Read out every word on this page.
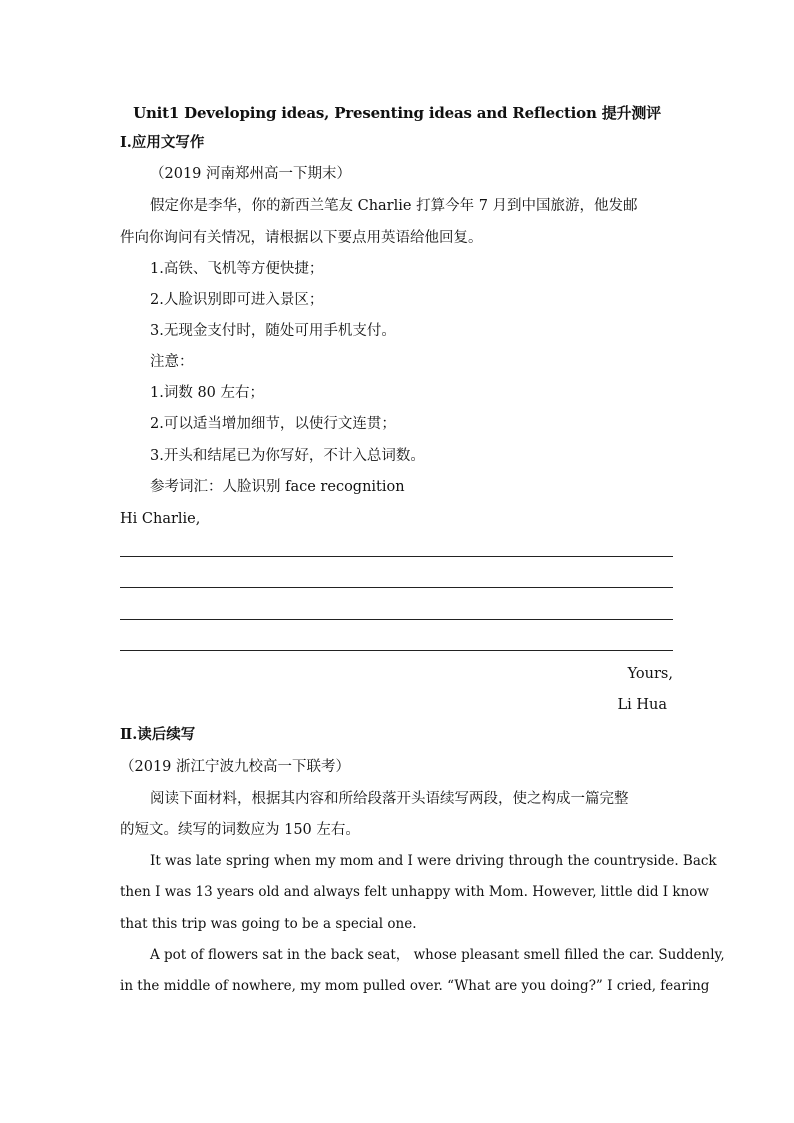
Unit1 Developing ideas, Presenting ideas and Reflection 提升测评
I.应用文写作
（2019 河南郑州高一下期末）
假定你是李华，你的新西兰笔友 Charlie 打算今年 7 月到中国旅游，他发邮
件向你询问有关情况，请根据以下要点用英语给他回复。
1.高铁、飞机等方便快捷；
2.人脸识别即可进入景区；
3.无现金支付时，随处可用手机支付。
注意：
1.词数 80 左右；
2.可以适当增加细节，以使行文连贯；
3.开头和结尾已为你写好，不计入总词数。
参考词汇：人脸识别 face recognition
Hi Charlie,
Yours,
Li Hua
Ⅱ.读后续写
（2019 浙江宁波九校高一下联考）
阅读下面材料，根据其内容和所给段落开头语续写两段，使之构成一篇完整
的短文。续写的词数应为 150 左右。
It was late spring when my mom and I were driving through the countryside. Back
then I was 13 years old and always felt unhappy with Mom. However, little did I know
that this trip was going to be a special one.
A pot of flowers sat in the back seat， whose pleasant smell filled the car. Suddenly,
in the middle of nowhere, my mom pulled over. “What are you doing?” I cried, fearing
